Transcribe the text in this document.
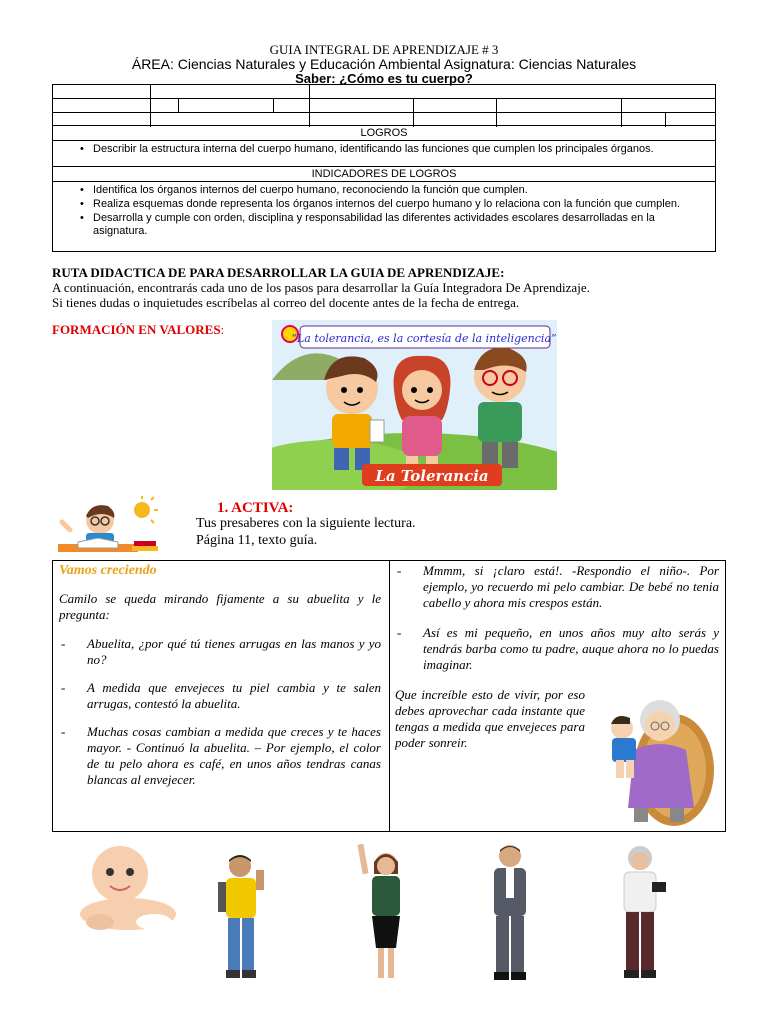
GUIA INTEGRAL DE APRENDIZAJE # 3
ÁREA: Ciencias Naturales y Educación Ambiental Asignatura: Ciencias Naturales
Saber: ¿Cómo es tu cuerpo?
LOGROS
• Describir la estructura interna del cuerpo humano, identificando las funciones que cumplen los principales órganos.
INDICADORES DE LOGROS
• Identifica los órganos internos del cuerpo humano, reconociendo la función que cumplen.
• Realiza esquemas donde representa los órganos internos del cuerpo humano y lo relaciona con la función que cumplen.
• Desarrolla y cumple con orden, disciplina y responsabilidad las diferentes actividades escolares desarrolladas en la asignatura.
RUTA DIDACTICA DE PARA DESARROLLAR LA GUIA DE APRENDIZAJE:
A continuación, encontrarás cada uno de los pasos para desarrollar la Guía Integradora De Aprendizaje.
Si tienes dudas o inquietudes escríbelas al correo del docente antes de la fecha de entrega.
FORMACIÓN EN VALORES:
“La tolerancia, es la cortesía de la inteligencia”
La Tolerancia
1. ACTIVA:
Tus presaberes con la siguiente lectura.
Página 11, texto guía.
Vamos creciendo
Camilo se queda mirando fijamente a su abuelita y le pregunta:
- Abuelita, ¿por qué tú tienes arrugas en las manos y yo no?
- A medida que envejeces tu piel cambia y te salen arrugas, contestó la abuelita.
- Muchas cosas cambian a medida que creces y te haces mayor. - Continuó la abuelita. – Por ejemplo, el color de tu pelo ahora es café, en unos años tendras canas blancas al envejecer.
- Mmmm, si ¡claro está!. -Respondio el niño-. Por ejemplo, yo recuerdo mi pelo cambiar. De bebé no tenia cabello y ahora mis crespos están.
- Así es mi pequeño, en unos años muy alto serás y tendrás barba como tu padre, auque ahora no lo puedas imaginar.
Que increíble esto de vivir, por eso debes aprovechar cada instante que tengas a medida que envejeces para poder sonreir.
